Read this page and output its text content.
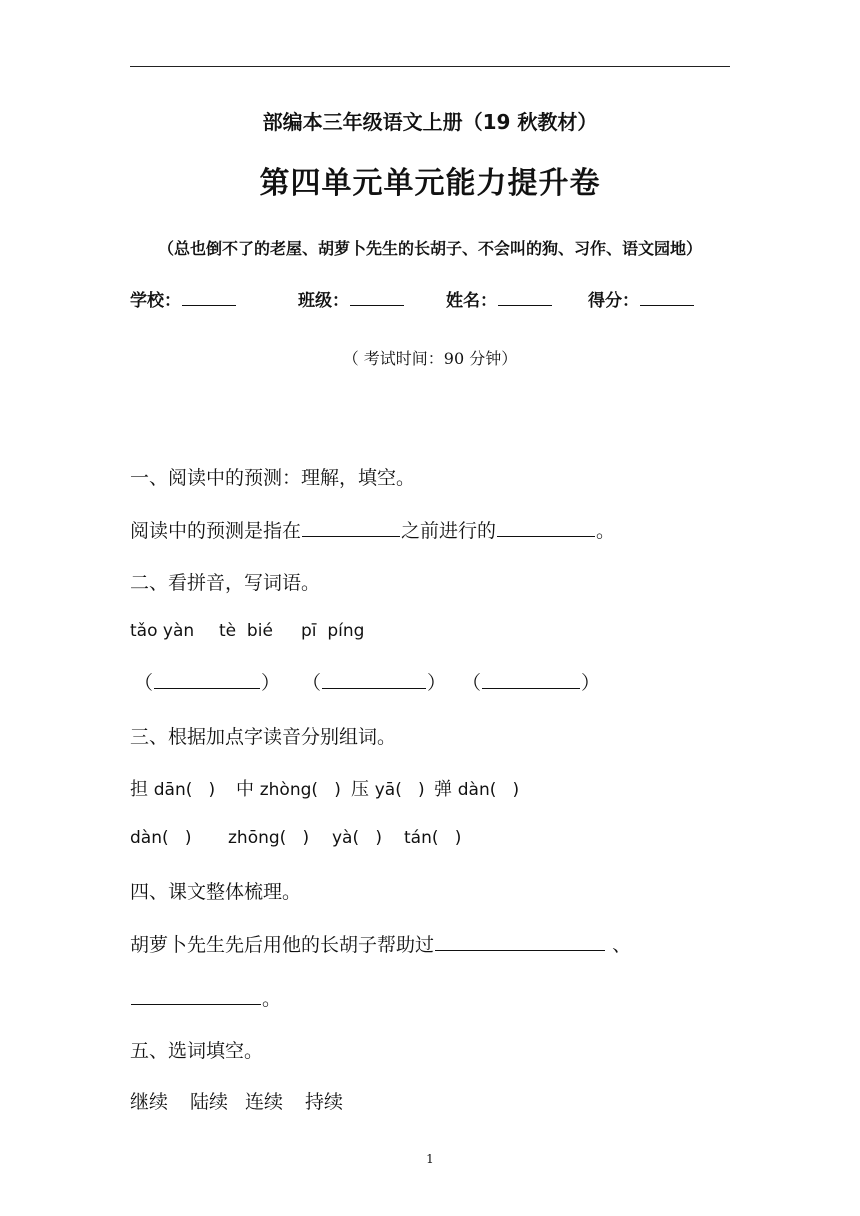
部编本三年级语文上册（19 秋教材）
第四单元单元能力提升卷
（总也倒不了的老屋、胡萝卜先生的长胡子、不会叫的狗、习作、语文园地）
学校：	班级：	姓名：	得分：
（ 考试时间：90 分钟）
一、阅读中的预测：理解，填空。
阅读中的预测是指在	之前进行的	。
二、看拼音，写词语。
tǎo yàn tè  bié pī  píng
（	） （	） （	）
三、根据加点字读音分别组词。
担 dān(   ) 中 zhòng(   ) 压 yā(   ) 弹 dàn(   )
dàn(   ) zhōng(   ) yà(   ) tán(   )
四、课文整体梳理。
胡萝卜先生先后用他的长胡子帮助过	、
。
五、选词填空。
继续 陆续 连续 持续
1
